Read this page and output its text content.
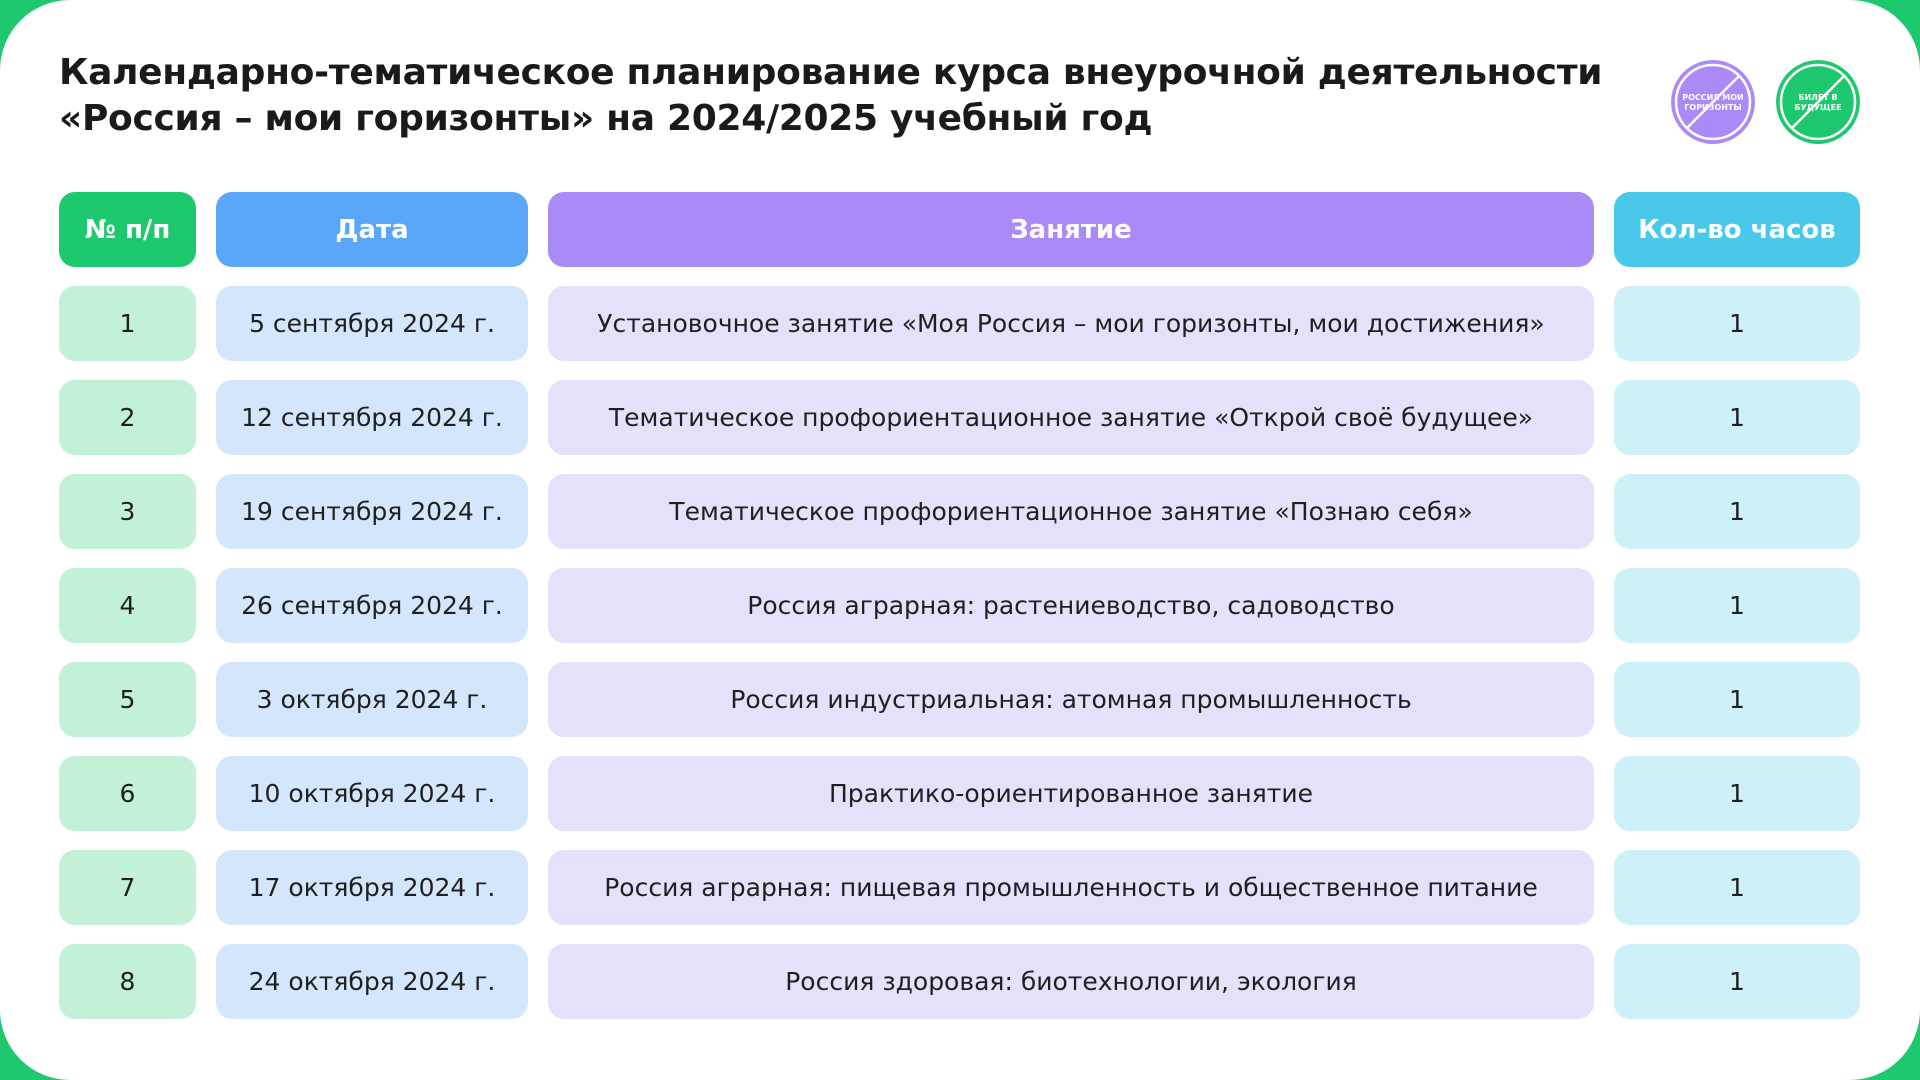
Календарно-тематическое планирование курса внеурочной деятельности
«Россия – мои горизонты» на 2024/2025 учебный год
РОССИЯ МОИ
ГОРИЗОНТЫ
БИЛЕТ В
БУДУЩЕЕ
№ п/п	Дата	Занятие	Кол-во часов
1	5 сентября 2024 г.	Установочное занятие «Моя Россия – мои горизонты, мои достижения»	1
2	12 сентября 2024 г.	Тематическое профориентационное занятие «Открой своё будущее»	1
3	19 сентября 2024 г.	Тематическое профориентационное занятие «Познаю себя»	1
4	26 сентября 2024 г.	Россия аграрная: растениеводство, садоводство	1
5	3 октября 2024 г.	Россия индустриальная: атомная промышленность	1
6	10 октября 2024 г.	Практико-ориентированное занятие	1
7	17 октября 2024 г.	Россия аграрная: пищевая промышленность и общественное питание	1
8	24 октября 2024 г.	Россия здоровая: биотехнологии, экология	1
